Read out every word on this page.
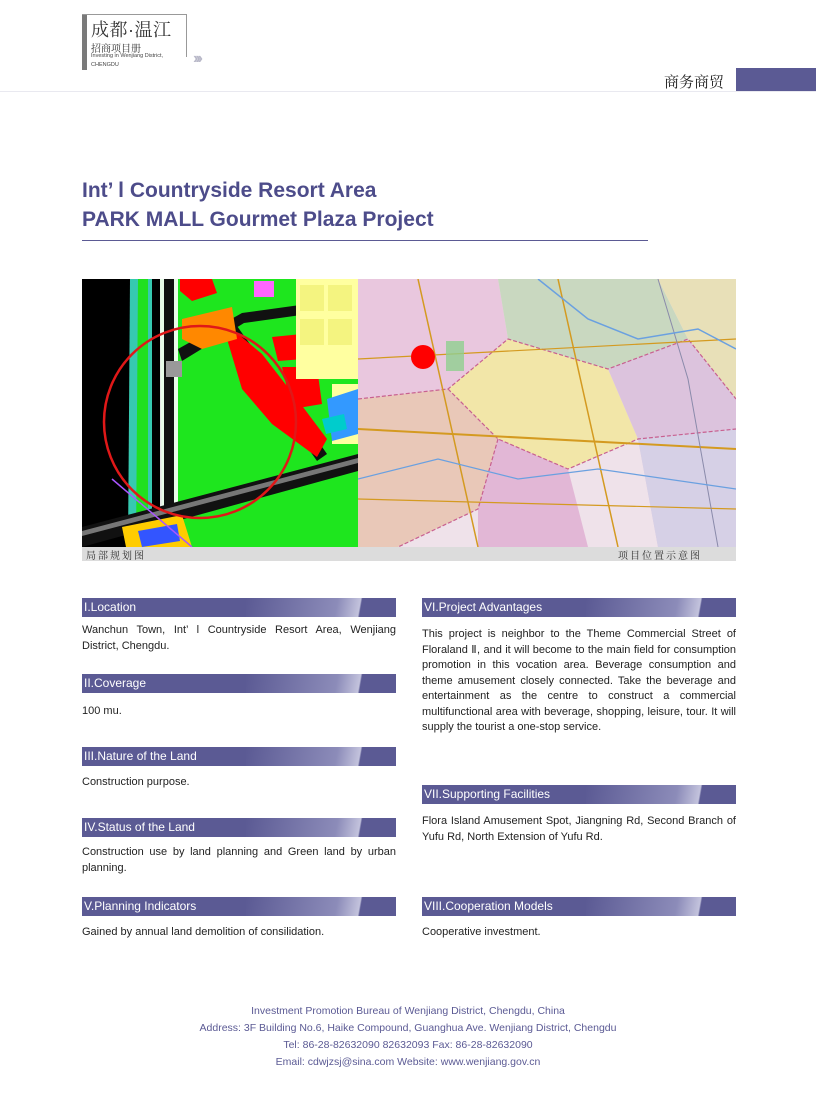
成都·温江
招商项目册
Investing in Wenjiang District,
CHENGDU	›››
商务商贸
Int’ l Countryside Resort Area
PARK MALL Gourmet Plaza Project
局部规划图	项目位置示意图
I.Location
Wanchun Town, Int’ l Countryside Resort Area, Wenjiang District, Chengdu.
II.Coverage
100 mu.
III.Nature of the Land
Construction purpose.
IV.Status of the Land
Construction use by land planning and Green land by urban planning.
V.Planning Indicators
Gained by annual land demolition of consilidation.
VI.Project Advantages
This project is neighbor to the Theme Commercial Street of Floraland Ⅱ, and it will become to the main field for consumption promotion in this vocation area. Beverage consumption and theme amusement closely connected. Take the beverage and entertainment as the centre to construct a commercial multifunctional area with beverage, shopping, leisure, tour. It will supply the tourist a one-stop service.
VII.Supporting Facilities
Flora Island Amusement Spot, Jiangning Rd, Second Branch of Yufu Rd, North Extension of Yufu Rd.
VIII.Cooperation Models
Cooperative investment.
Investment Promotion Bureau of Wenjiang District, Chengdu, China
Address: 3F Building No.6, Haike Compound, Guanghua Ave. Wenjiang District, Chengdu
Tel: 86-28-82632090 82632093 Fax: 86-28-82632090
Email: cdwjzsj@sina.com Website: www.wenjiang.gov.cn
